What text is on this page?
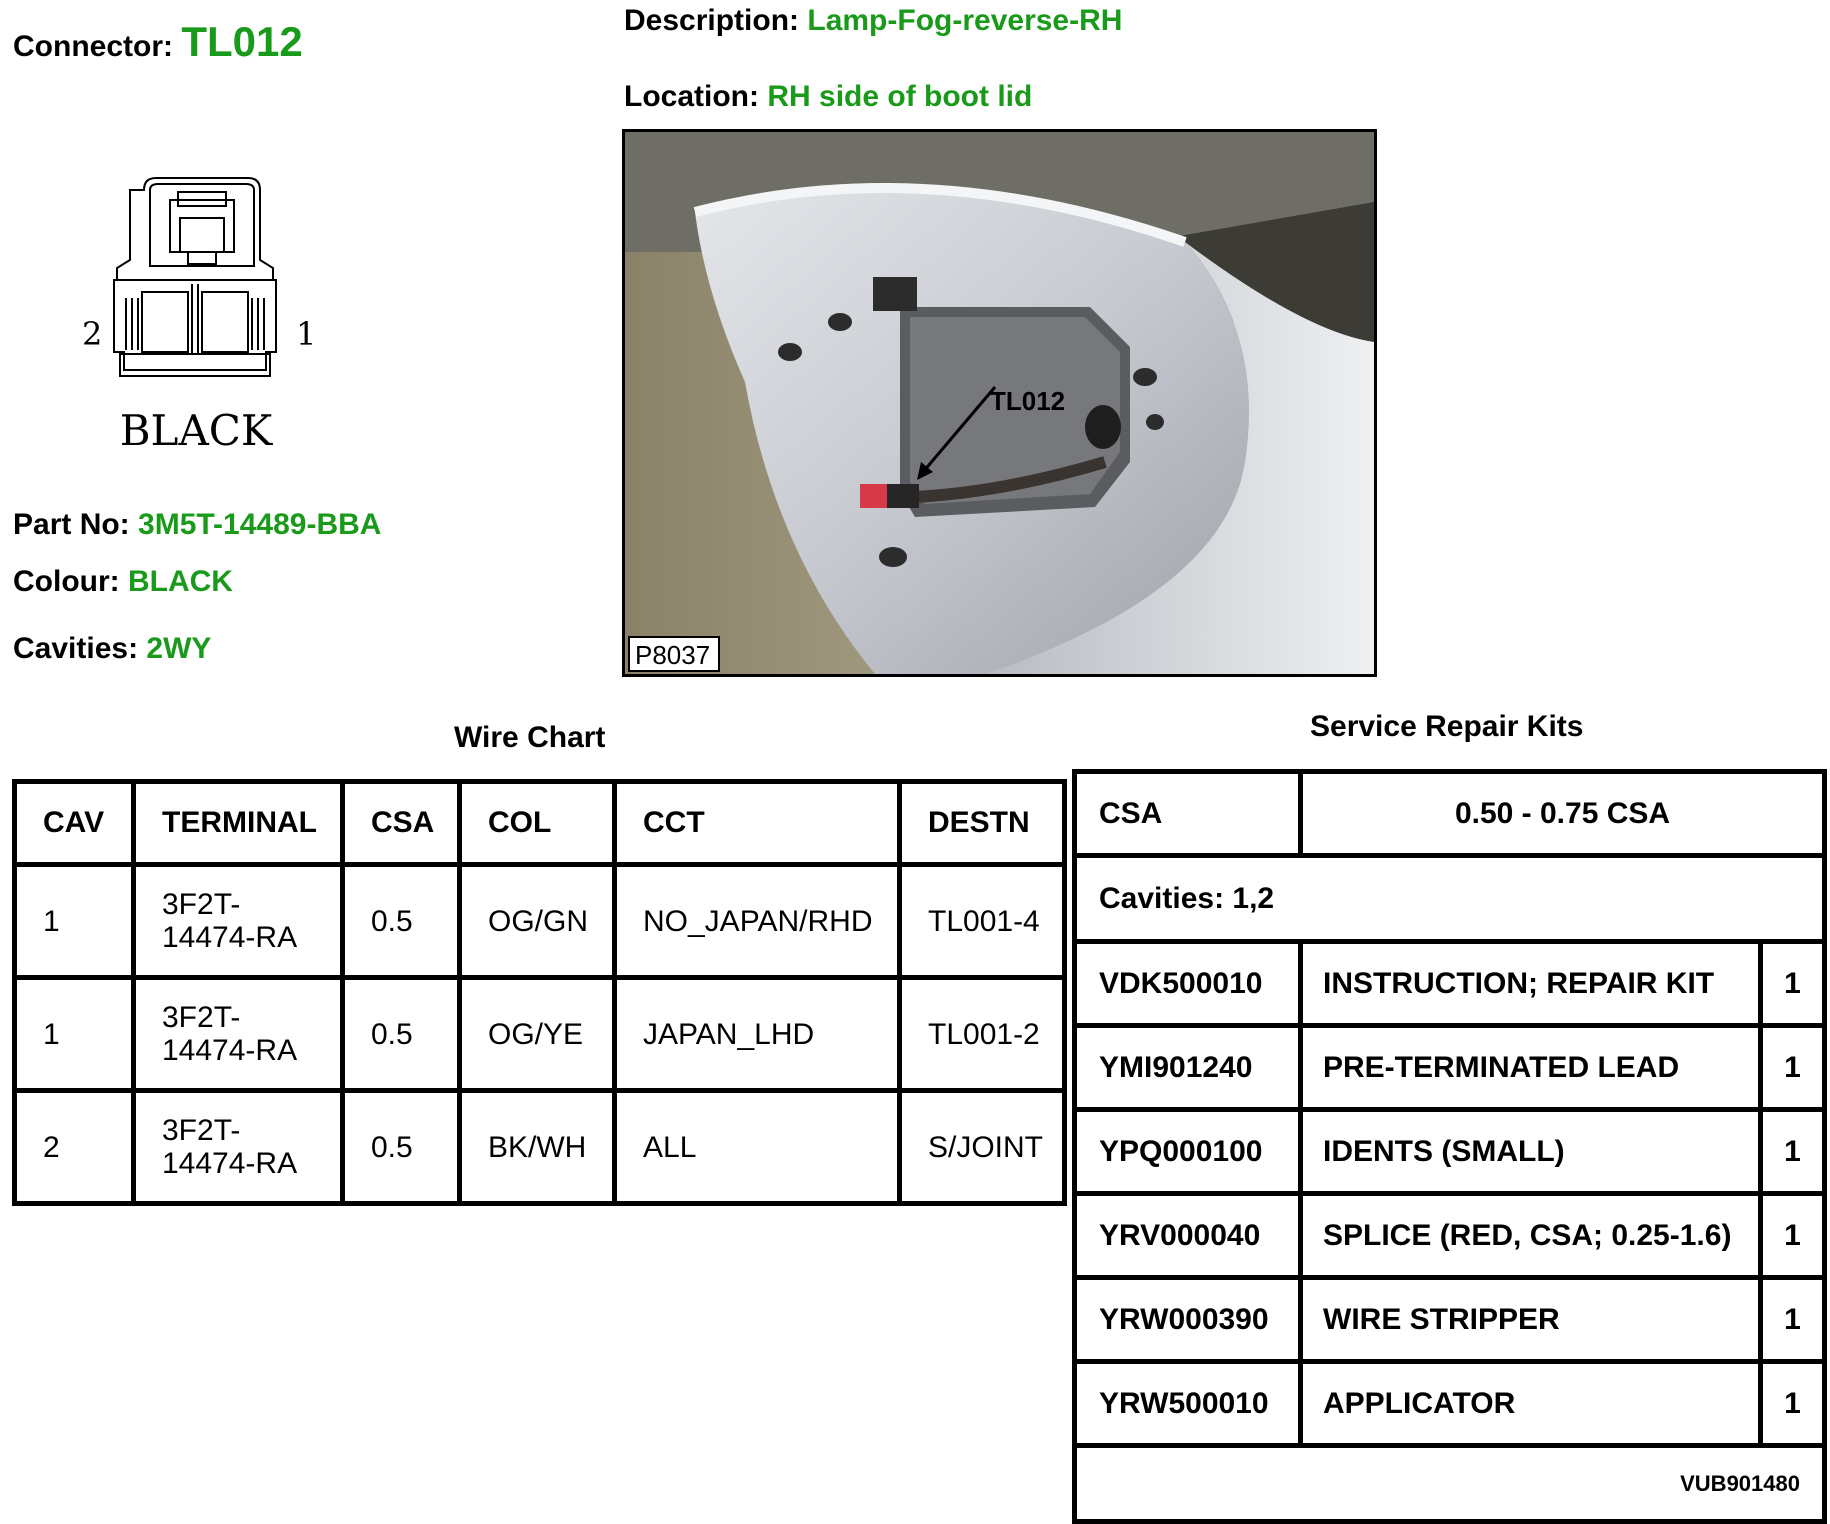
Connector: TL012
2	1
BLACK
Part No: 3M5T-14489-BBA
Colour: BLACK
Cavities: 2WY
Description: Lamp-Fog-reverse-RH
Location: RH side of boot lid
TL012
P8037
Wire Chart
CAV	TERMINAL	CSA	COL	CCT	DESTN
1	3F2T-
14474-RA	0.5	OG/GN	NO_JAPAN/RHD	TL001-4
1	3F2T-
14474-RA	0.5	OG/YE	JAPAN_LHD	TL001-2
2	3F2T-
14474-RA	0.5	BK/WH	ALL	S/JOINT
Service Repair Kits
CSA	0.50 - 0.75 CSA
Cavities: 1,2
VDK500010	INSTRUCTION; REPAIR KIT	1
YMI901240	PRE-TERMINATED LEAD	1
YPQ000100	IDENTS (SMALL)	1
YRV000040	SPLICE (RED, CSA; 0.25-1.6)	1
YRW000390	WIRE STRIPPER	1
YRW500010	APPLICATOR	1
VUB901480
